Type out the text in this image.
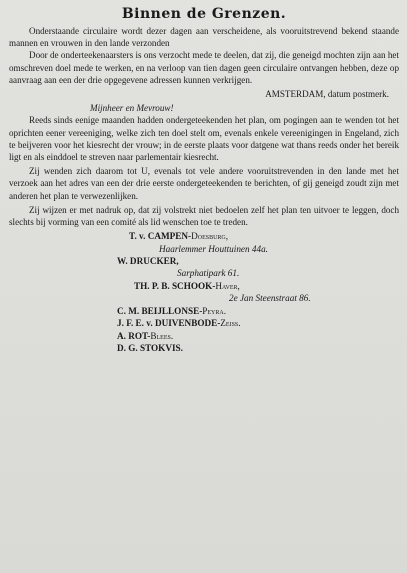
Binnen de Grenzen.

Onderstaande circulaire wordt dezer dagen aan verscheidene, als vooruitstrevend bekend staande mannen en vrouwen in den lande verzonden

Door de onderteekenaarsters is ons verzocht mede te deelen, dat zij, die geneigd mochten zijn aan het omschreven doel mede te werken, en na verloop van tien dagen geen circulaire ontvangen hebben, deze op aanvraag aan een der drie opgegevene adressen kunnen verkrijgen.

AMSTERDAM, datum postmerk.

Mijnheer en Mevrouw!

Reeds sinds eenige maanden hadden ondergeteekenden het plan, om pogingen aan te wenden tot het oprichten eener vereeniging, welke zich ten doel stelt om, evenals enkele vereenigingen in Engeland, zich te beijveren voor het kiesrecht der vrouw; in de eerste plaats voor datgene wat thans reeds onder het bereik ligt en als einddoel te streven naar parlementair kiesrecht.

Zij wenden zich daarom tot U, evenals tot vele andere vooruitstrevenden in den lande met het verzoek aan het adres van een der drie eerste ondergeteekenden te berichten, of gij geneigd zoudt zijn met anderen het plan te verwezenlijken.

Zij wijzen er met nadruk op, dat zij volstrekt niet bedoelen zelf het plan ten uitvoer te leggen, doch slechts bij vorming van een comité als lid wenschen toe te treden.

T. v. CAMPEN-Doesburg,
Haarlemmer Houttuinen 44a.
W. DRUCKER,
Sarphatipark 61.
TH. P. B. SCHOOK-Haver,
2e Jan Steenstraat 86.
C. M. BEIJLLONSE-Peyra.
J. F. E. v. DUIVENBODE-Zeiss.
A. ROT-Blees.
D. G. STOKVIS.
